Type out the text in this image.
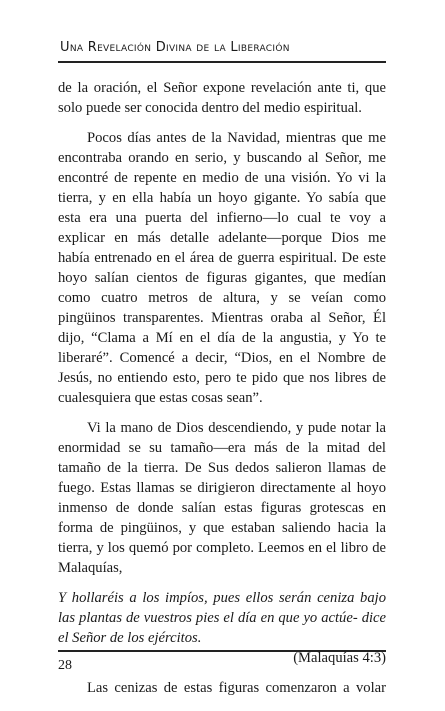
Una Revelación Divina de la Liberación

de la oración, el Señor expone revelación ante ti, que solo puede ser conocida dentro del medio espiritual.

Pocos días antes de la Navidad, mientras que me encontraba orando en serio, y buscando al Señor, me encontré de repente en medio de una visión. Yo vi la tierra, y en ella había un hoyo gigante. Yo sabía que esta era una puerta del infierno—lo cual te voy a explicar en más detalle adelante—porque Dios me había entrenado en el área de guerra espiritual. De este hoyo salían cientos de figuras gigantes, que medían como cuatro metros de altura, y se veían como pingüinos transparentes. Mientras oraba al Señor, Él dijo, “Clama a Mí en el día de la angustia, y Yo te liberaré”. Comencé a decir, “Dios, en el Nombre de Jesús, no entiendo esto, pero te pido que nos libres de cualesquiera que estas cosas sean”.

Vi la mano de Dios descendiendo, y pude notar la enormidad se su tamaño—era más de la mitad del tamaño de la tierra. De Sus dedos salieron llamas de fuego. Estas llamas se dirigieron directamente al hoyo inmenso de donde salían estas figuras grotescas en forma de pingüinos, y que estaban saliendo hacia la tierra, y los quemó por completo. Leemos en el libro de Malaquías,

Y hollaréis a los impíos, pues ellos serán ceniza bajo las plantas de vuestros pies el día en que yo actúe- dice el Señor de los ejércitos.

(Malaquías 4:3)

Las cenizas de estas figuras comenzaron a volar

28
